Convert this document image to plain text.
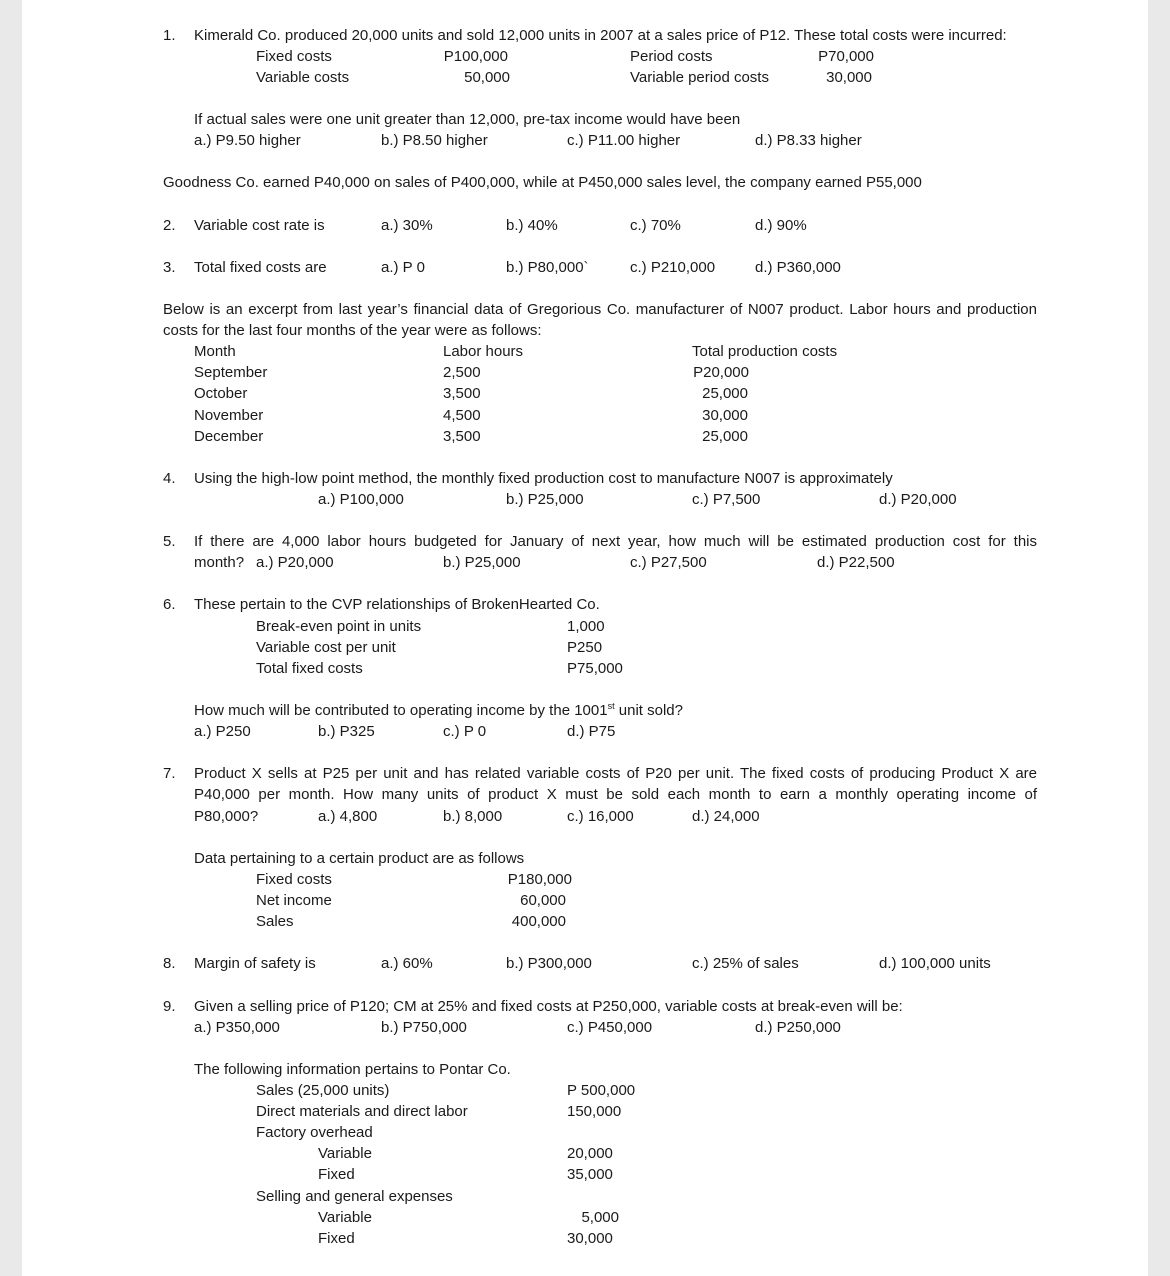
1. Kimerald Co. produced 20,000 units and sold 12,000 units in 2007 at a sales price of P12. These total costs were incurred:
Fixed costs	P100,000	Period costs	P70,000
Variable costs	50,000	Variable period costs	30,000
If actual sales were one unit greater than 12,000, pre-tax income would have been
a.) P9.50 higher	b.) P8.50 higher	c.) P11.00 higher	d.) P8.33 higher
Goodness Co. earned P40,000 on sales of P400,000, while at P450,000 sales level, the company earned P55,000
2. Variable cost rate is	a.) 30%	b.) 40%	c.) 70%	d.) 90%
3. Total fixed costs are	a.) P 0	b.) P80,000`	c.) P210,000	d.) P360,000
Below is an excerpt from last year’s financial data of Gregorious Co. manufacturer of N007 product. Labor hours and production costs for the last four months of the year were as follows:
Month	Labor hours	Total production costs
September	2,500	P20,000
October	3,500	25,000
November	4,500	30,000
December	3,500	25,000
4. Using the high-low point method, the monthly fixed production cost to manufacture N007 is approximately
a.) P100,000	b.) P25,000	c.) P7,500	d.) P20,000
5. If there are 4,000 labor hours budgeted for January of next year, how much will be estimated production cost for this
month? a.) P20,000	b.) P25,000	c.) P27,500	d.) P22,500
6. These pertain to the CVP relationships of BrokenHearted Co.
Break-even point in units	1,000
Variable cost per unit	P250
Total fixed costs	P75,000
How much will be contributed to operating income by the 1001st unit sold?
a.) P250	b.) P325	c.) P 0	d.) P75
7. Product X sells at P25 per unit and has related variable costs of P20 per unit. The fixed costs of producing Product X are P40,000 per month. How many units of product X must be sold each month to earn a monthly operating income of
P80,000?	a.) 4,800	b.) 8,000	c.) 16,000	d.) 24,000
Data pertaining to a certain product are as follows
Fixed costs	P180,000
Net income	60,000
Sales	400,000
8. Margin of safety is	a.) 60%	b.) P300,000	c.) 25% of sales	d.) 100,000 units
9. Given a selling price of P120; CM at 25% and fixed costs at P250,000, variable costs at break-even will be:
a.) P350,000	b.) P750,000	c.) P450,000	d.) P250,000
The following information pertains to Pontar Co.
Sales (25,000 units)	P 500,000
Direct materials and direct labor	150,000
Factory overhead
Variable	20,000
Fixed	35,000
Selling and general expenses
Variable	5,000
Fixed	30,000
